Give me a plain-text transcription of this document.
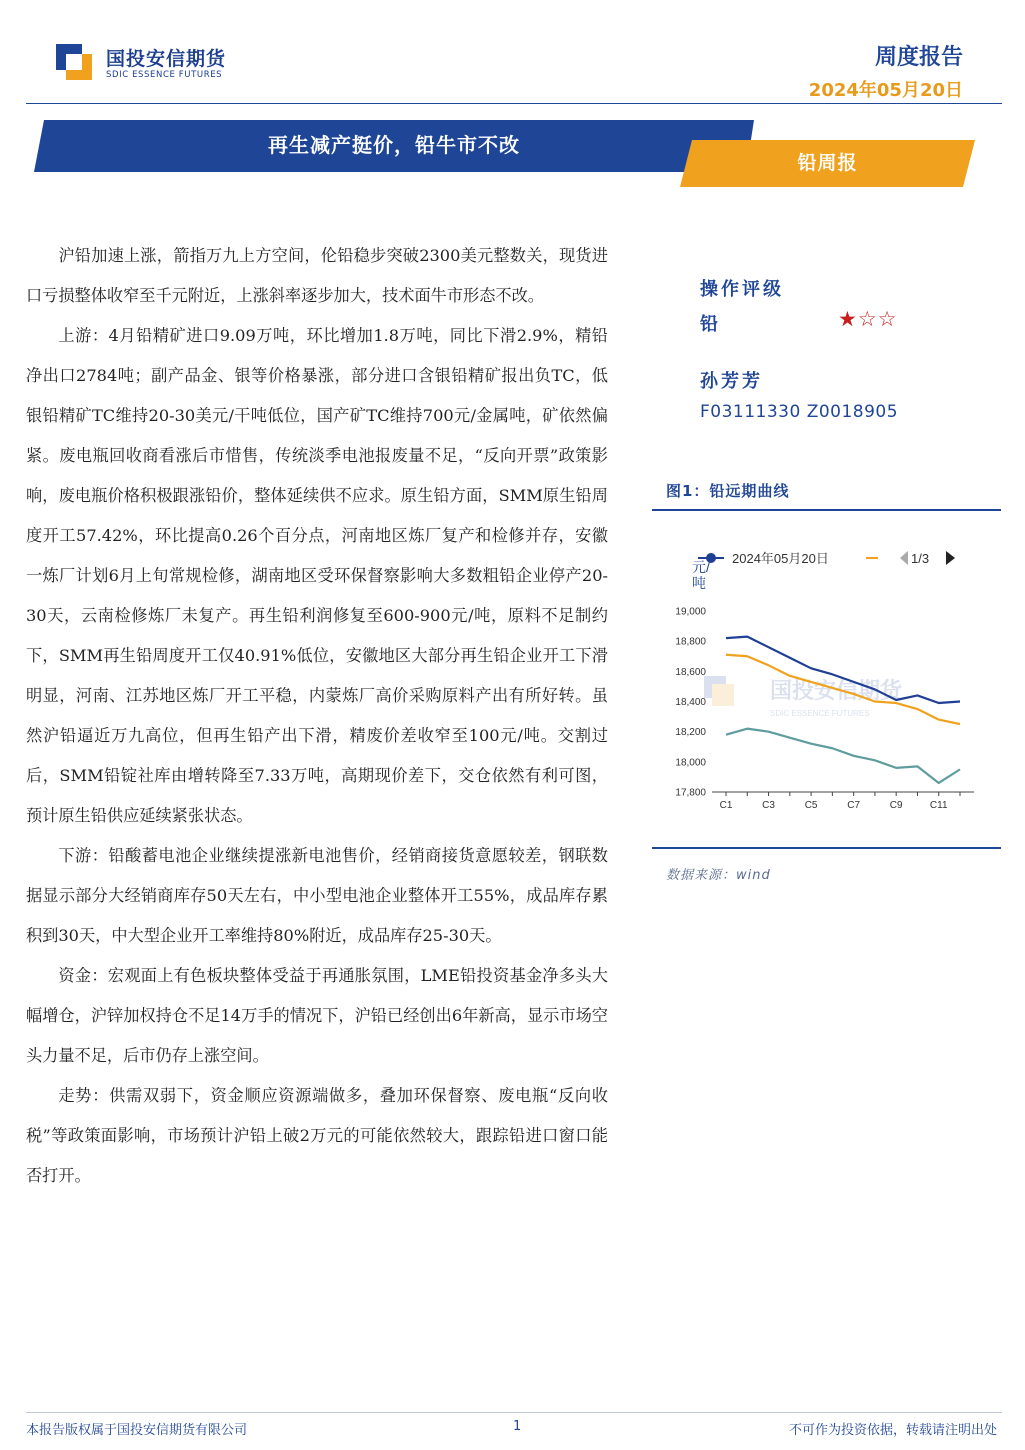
国投安信期货
SDIC ESSENCE FUTURES
周度报告
2024年05月20日
再生减产挺价，铅牛市不改
铅周报

沪铅加速上涨，箭指万九上方空间，伦铅稳步突破2300美元整数关，现货进口亏损整体收窄至千元附近，上涨斜率逐步加大，技术面牛市形态不改。

上游：4月铅精矿进口9.09万吨，环比增加1.8万吨，同比下滑2.9%，精铅净出口2784吨；副产品金、银等价格暴涨，部分进口含银铅精矿报出负TC，低银铅精矿TC维持20-30美元/干吨低位，国产矿TC维持700元/金属吨，矿依然偏紧。废电瓶回收商看涨后市惜售，传统淡季电池报废量不足，“反向开票”政策影响，废电瓶价格积极跟涨铅价，整体延续供不应求。原生铅方面，SMM原生铅周度开工57.42%，环比提高0.26个百分点，河南地区炼厂复产和检修并存，安徽一炼厂计划6月上旬常规检修，湖南地区受环保督察影响大多数粗铅企业停产20-30天，云南检修炼厂未复产。再生铅利润修复至600-900元/吨，原料不足制约下，SMM再生铅周度开工仅40.91%低位，安徽地区大部分再生铅企业开工下滑明显，河南、江苏地区炼厂开工平稳，内蒙炼厂高价采购原料产出有所好转。虽然沪铅逼近万九高位，但再生铅产出下滑，精废价差收窄至100元/吨。交割过后，SMM铅锭社库由增转降至7.33万吨，高期现价差下，交仓依然有利可图，预计原生铅供应延续紧张状态。

下游：铅酸蓄电池企业继续提涨新电池售价，经销商接货意愿较差，钢联数据显示部分大经销商库存50天左右，中小型电池企业整体开工55%，成品库存累积到30天，中大型企业开工率维持80%附近，成品库存25-30天。

资金：宏观面上有色板块整体受益于再通胀氛围，LME铅投资基金净多头大幅增仓，沪锌加权持仓不足14万手的情况下，沪铅已经创出6年新高，显示市场空头力量不足，后市仍存上涨空间。

走势：供需双弱下，资金顺应资源端做多，叠加环保督察、废电瓶“反向收税”等政策面影响，市场预计沪铅上破2万元的可能依然较大，跟踪铅进口窗口能否打开。

操作评级
铅	★☆☆
孙芳芳
F03111330 Z0018905
图1：铅远期曲线
2024年05月20日	1/3
元/ 吨
国投安信期货
SDIC ESSENCE FUTURES
17,800
18,000
18,200
18,400
18,600
18,800
19,000
C1	C3	C5	C7	C9	C11
数据来源：wind
本报告版权属于国投安信期货有限公司	1	不可作为投资依据，转载请注明出处
